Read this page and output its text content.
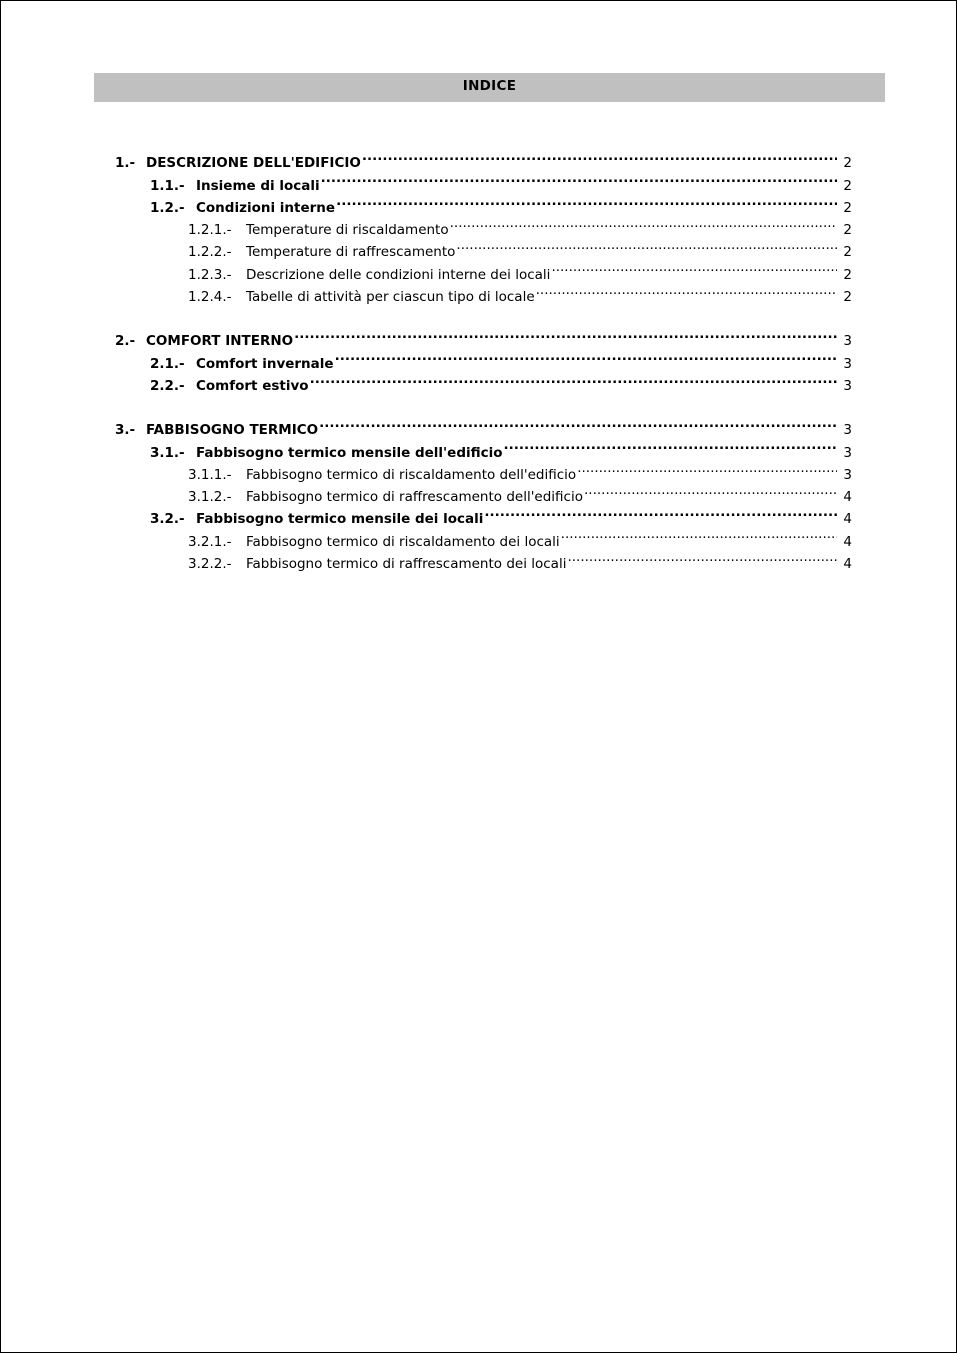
INDICE
1.- DESCRIZIONE DELL'EDIFICIO .....	2
1.1.- Insieme di locali .....	2
1.2.- Condizioni interne .....	2
1.2.1.-	Temperature di riscaldamento .....	2
1.2.2.-	Temperature di raffrescamento .....	2
1.2.3.-	Descrizione delle condizioni interne dei locali .....	2
1.2.4.-	Tabelle di attività per ciascun tipo di locale .....	2
2.- COMFORT INTERNO .....	3
2.1.- Comfort invernale .....	3
2.2.- Comfort estivo .....	3
3.- FABBISOGNO TERMICO .....	3
3.1.- Fabbisogno termico mensile dell'edificio .....	3
3.1.1.-	Fabbisogno termico di riscaldamento dell'edificio .....	3
3.1.2.-	Fabbisogno termico di raffrescamento dell'edificio .....	4
3.2.- Fabbisogno termico mensile dei locali .....	4
3.2.1.-	Fabbisogno termico di riscaldamento dei locali .....	4
3.2.2.-	Fabbisogno termico di raffrescamento dei locali .....	4
